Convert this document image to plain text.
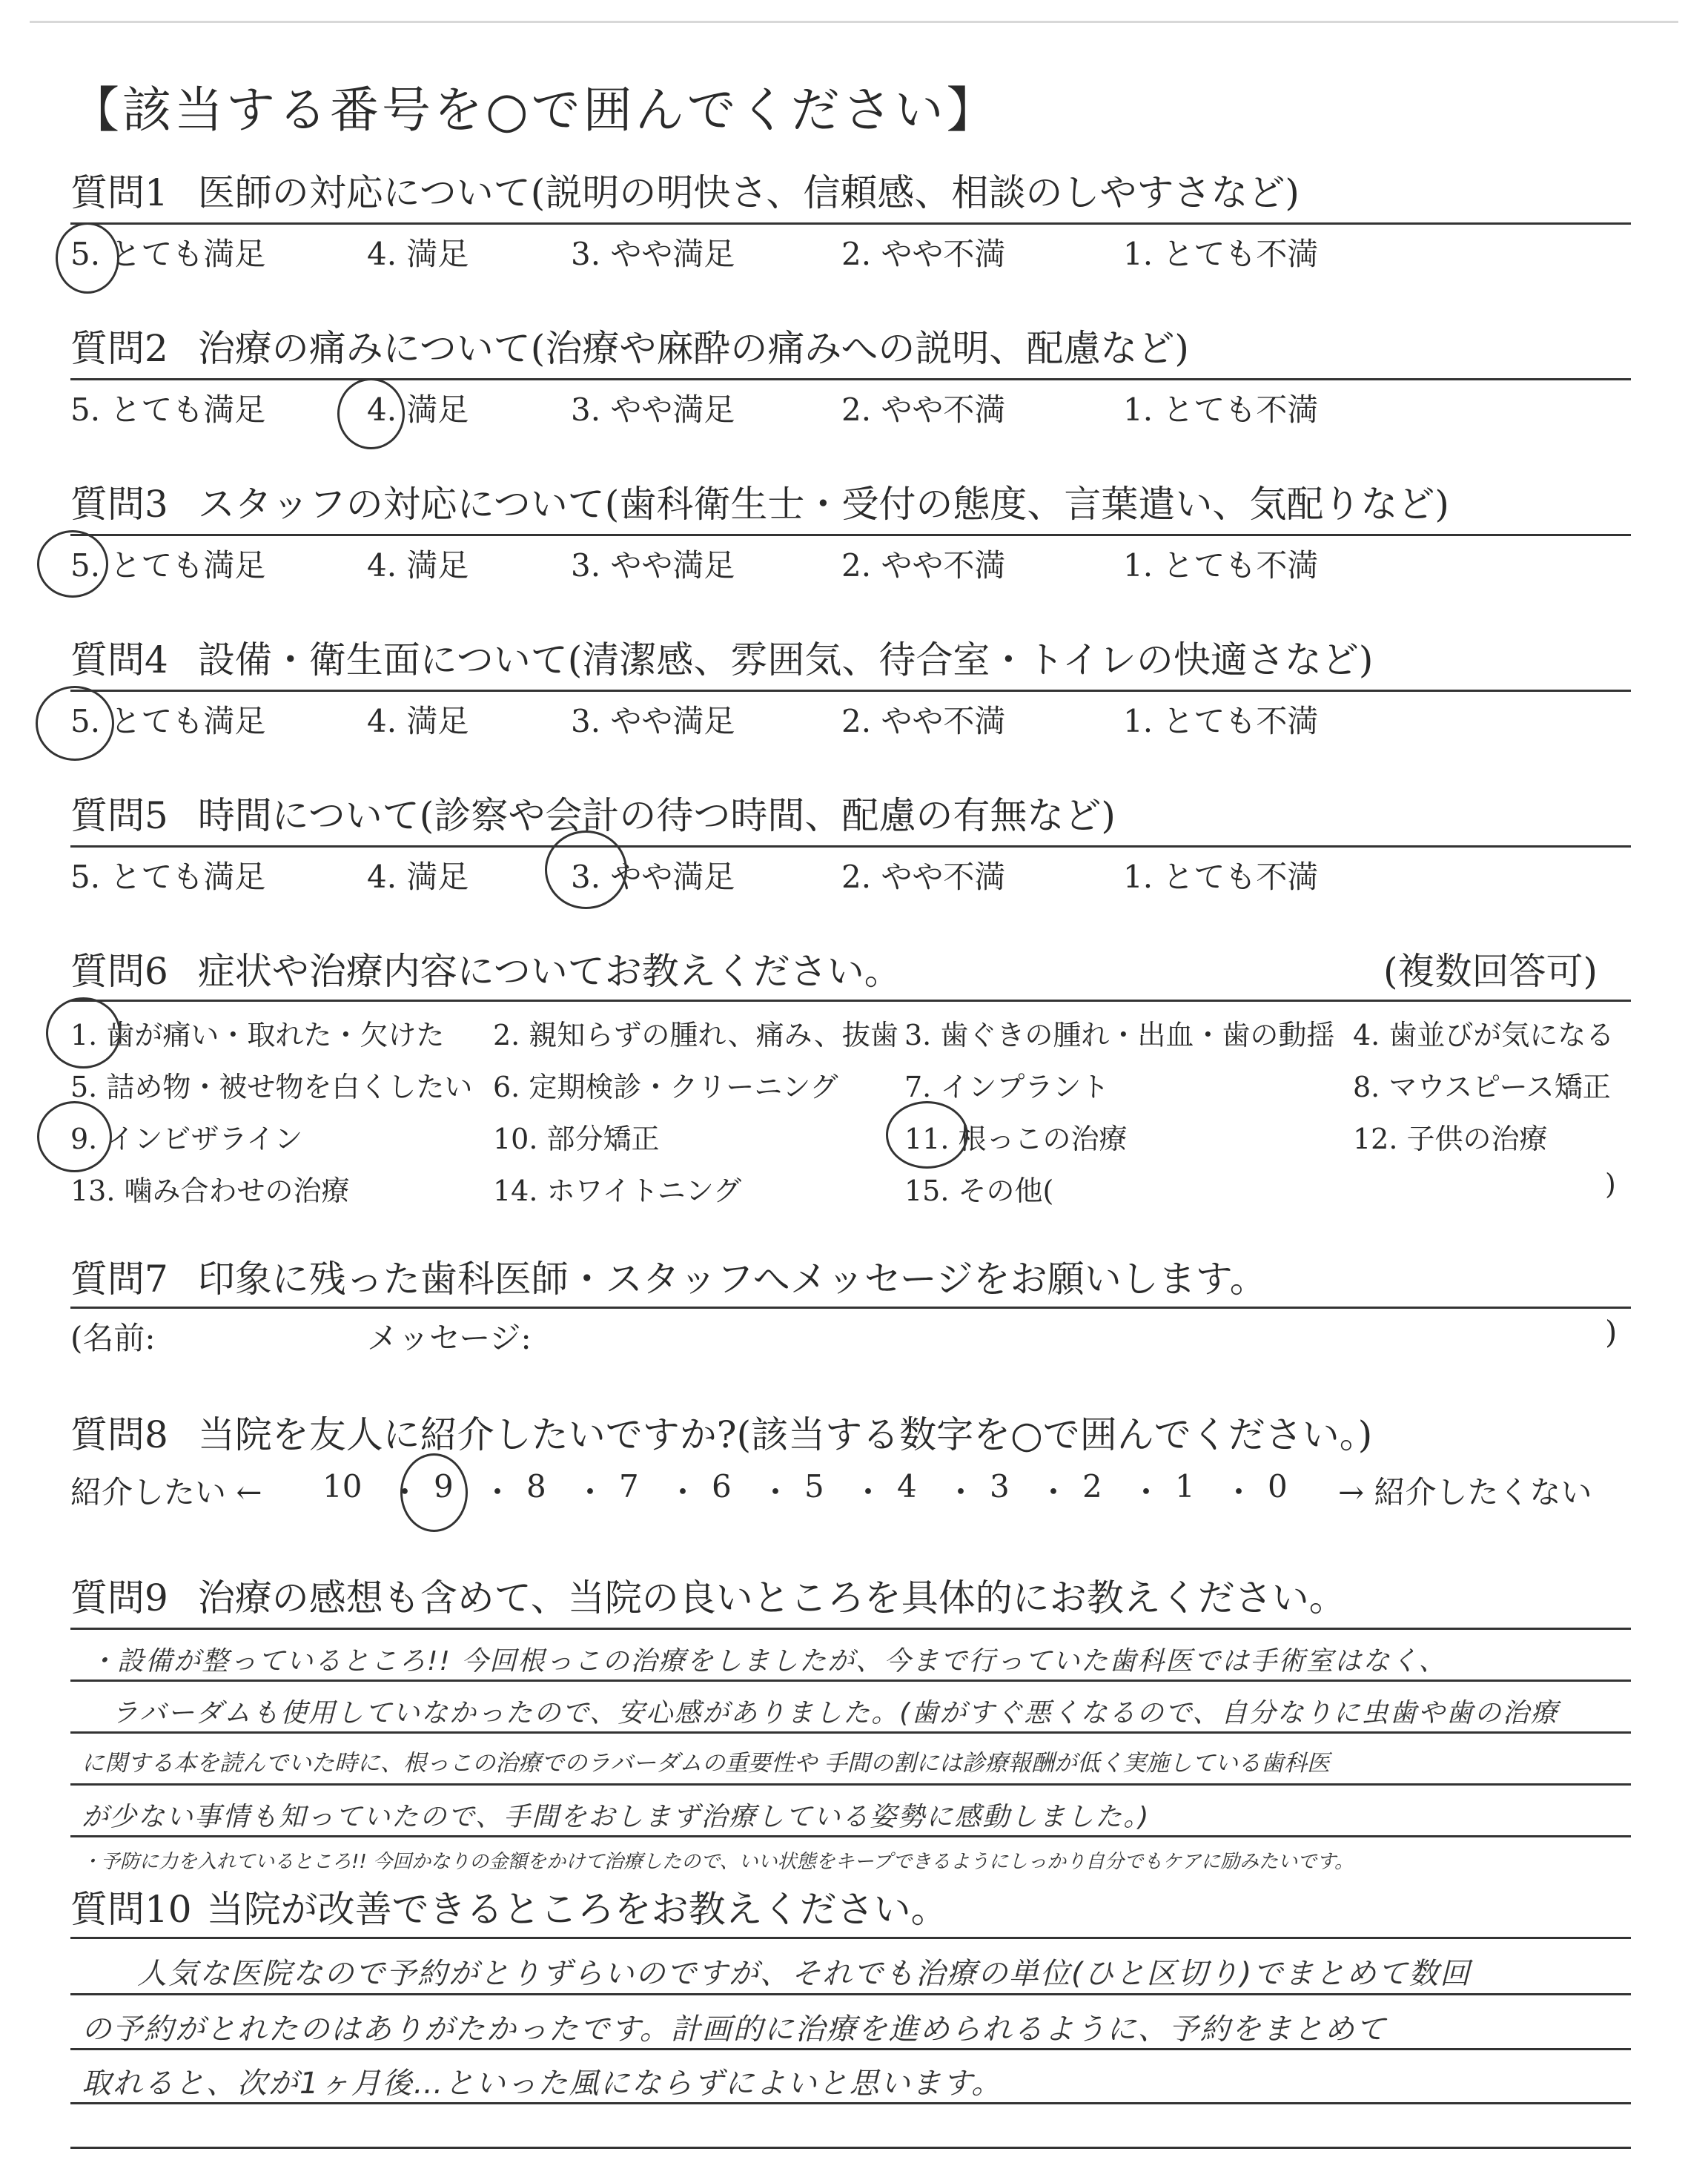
【該当する番号を○で囲んでください】
質問1 医師の対応について(説明の明快さ、信頼感、相談のしやすさなど)
5. とても満足	4. 満足	3. やや満足	2. やや不満	1. とても不満
質問2 治療の痛みについて(治療や麻酔の痛みへの説明、配慮など)
5. とても満足	4. 満足	3. やや満足	2. やや不満	1. とても不満
質問3 スタッフの対応について(歯科衛生士・受付の態度、言葉遣い、気配りなど)
5. とても満足	4. 満足	3. やや満足	2. やや不満	1. とても不満
質問4 設備・衛生面について(清潔感、雰囲気、待合室・トイレの快適さなど)
5. とても満足	4. 満足	3. やや満足	2. やや不満	1. とても不満
質問5 時間について(診察や会計の待つ時間、配慮の有無など)
5. とても満足	4. 満足	3. やや満足	2. やや不満	1. とても不満
質問6 症状や治療内容についてお教えください。	(複数回答可)
1. 歯が痛い・取れた・欠けた 2. 親知らずの腫れ、痛み、抜歯 3. 歯ぐきの腫れ・出血・歯の動揺 4. 歯並びが気になる
5. 詰め物・被せ物を白くしたい 6. 定期検診・クリーニング 7. インプラント	8. マウスピース矯正
9. インビザライン	10. 部分矯正	11. 根っこの治療	12. 子供の治療
13. 噛み合わせの治療	14. ホワイトニング	15. その他(	)
質問7 印象に残った歯科医師・スタッフへメッセージをお願いします。
(名前:	メッセージ:	)
質問8 当院を友人に紹介したいですか?(該当する数字を○で囲んでください。)
紹介したい ← 10 ・ 9 ・ 8 ・ 7 ・ 6 ・ 5 ・ 4 ・ 3 ・ 2 ・ 1 ・ 0 → 紹介したくない
質問9 治療の感想も含めて、当院の良いところを具体的にお教えください。
・設備が整っているところ!! 今回根っこの治療をしましたが、今まで行っていた歯科医では手術室はなく、
ラバーダムも使用していなかったので、安心感がありました。(歯がすぐ悪くなるので、自分なりに虫歯や歯の治療
に関する本を読んでいた時に、根っこの治療でのラバーダムの重要性や 手間の割には診療報酬が低く実施している歯科医
が少ない事情も知っていたので、手間をおしまず治療している姿勢に感動しました。)
・予防に力を入れているところ!! 今回かなりの金額をかけて治療したので、いい状態をキープできるようにしっかり自分でもケアに励みたいです。
質問10 当院が改善できるところをお教えください。
人気な医院なので予約がとりずらいのですが、それでも治療の単位(ひと区切り)でまとめて数回
の予約がとれたのはありがたかったです。計画的に治療を進められるように、予約をまとめて
取れると、次が1ヶ月後…といった風にならずによいと思います。
